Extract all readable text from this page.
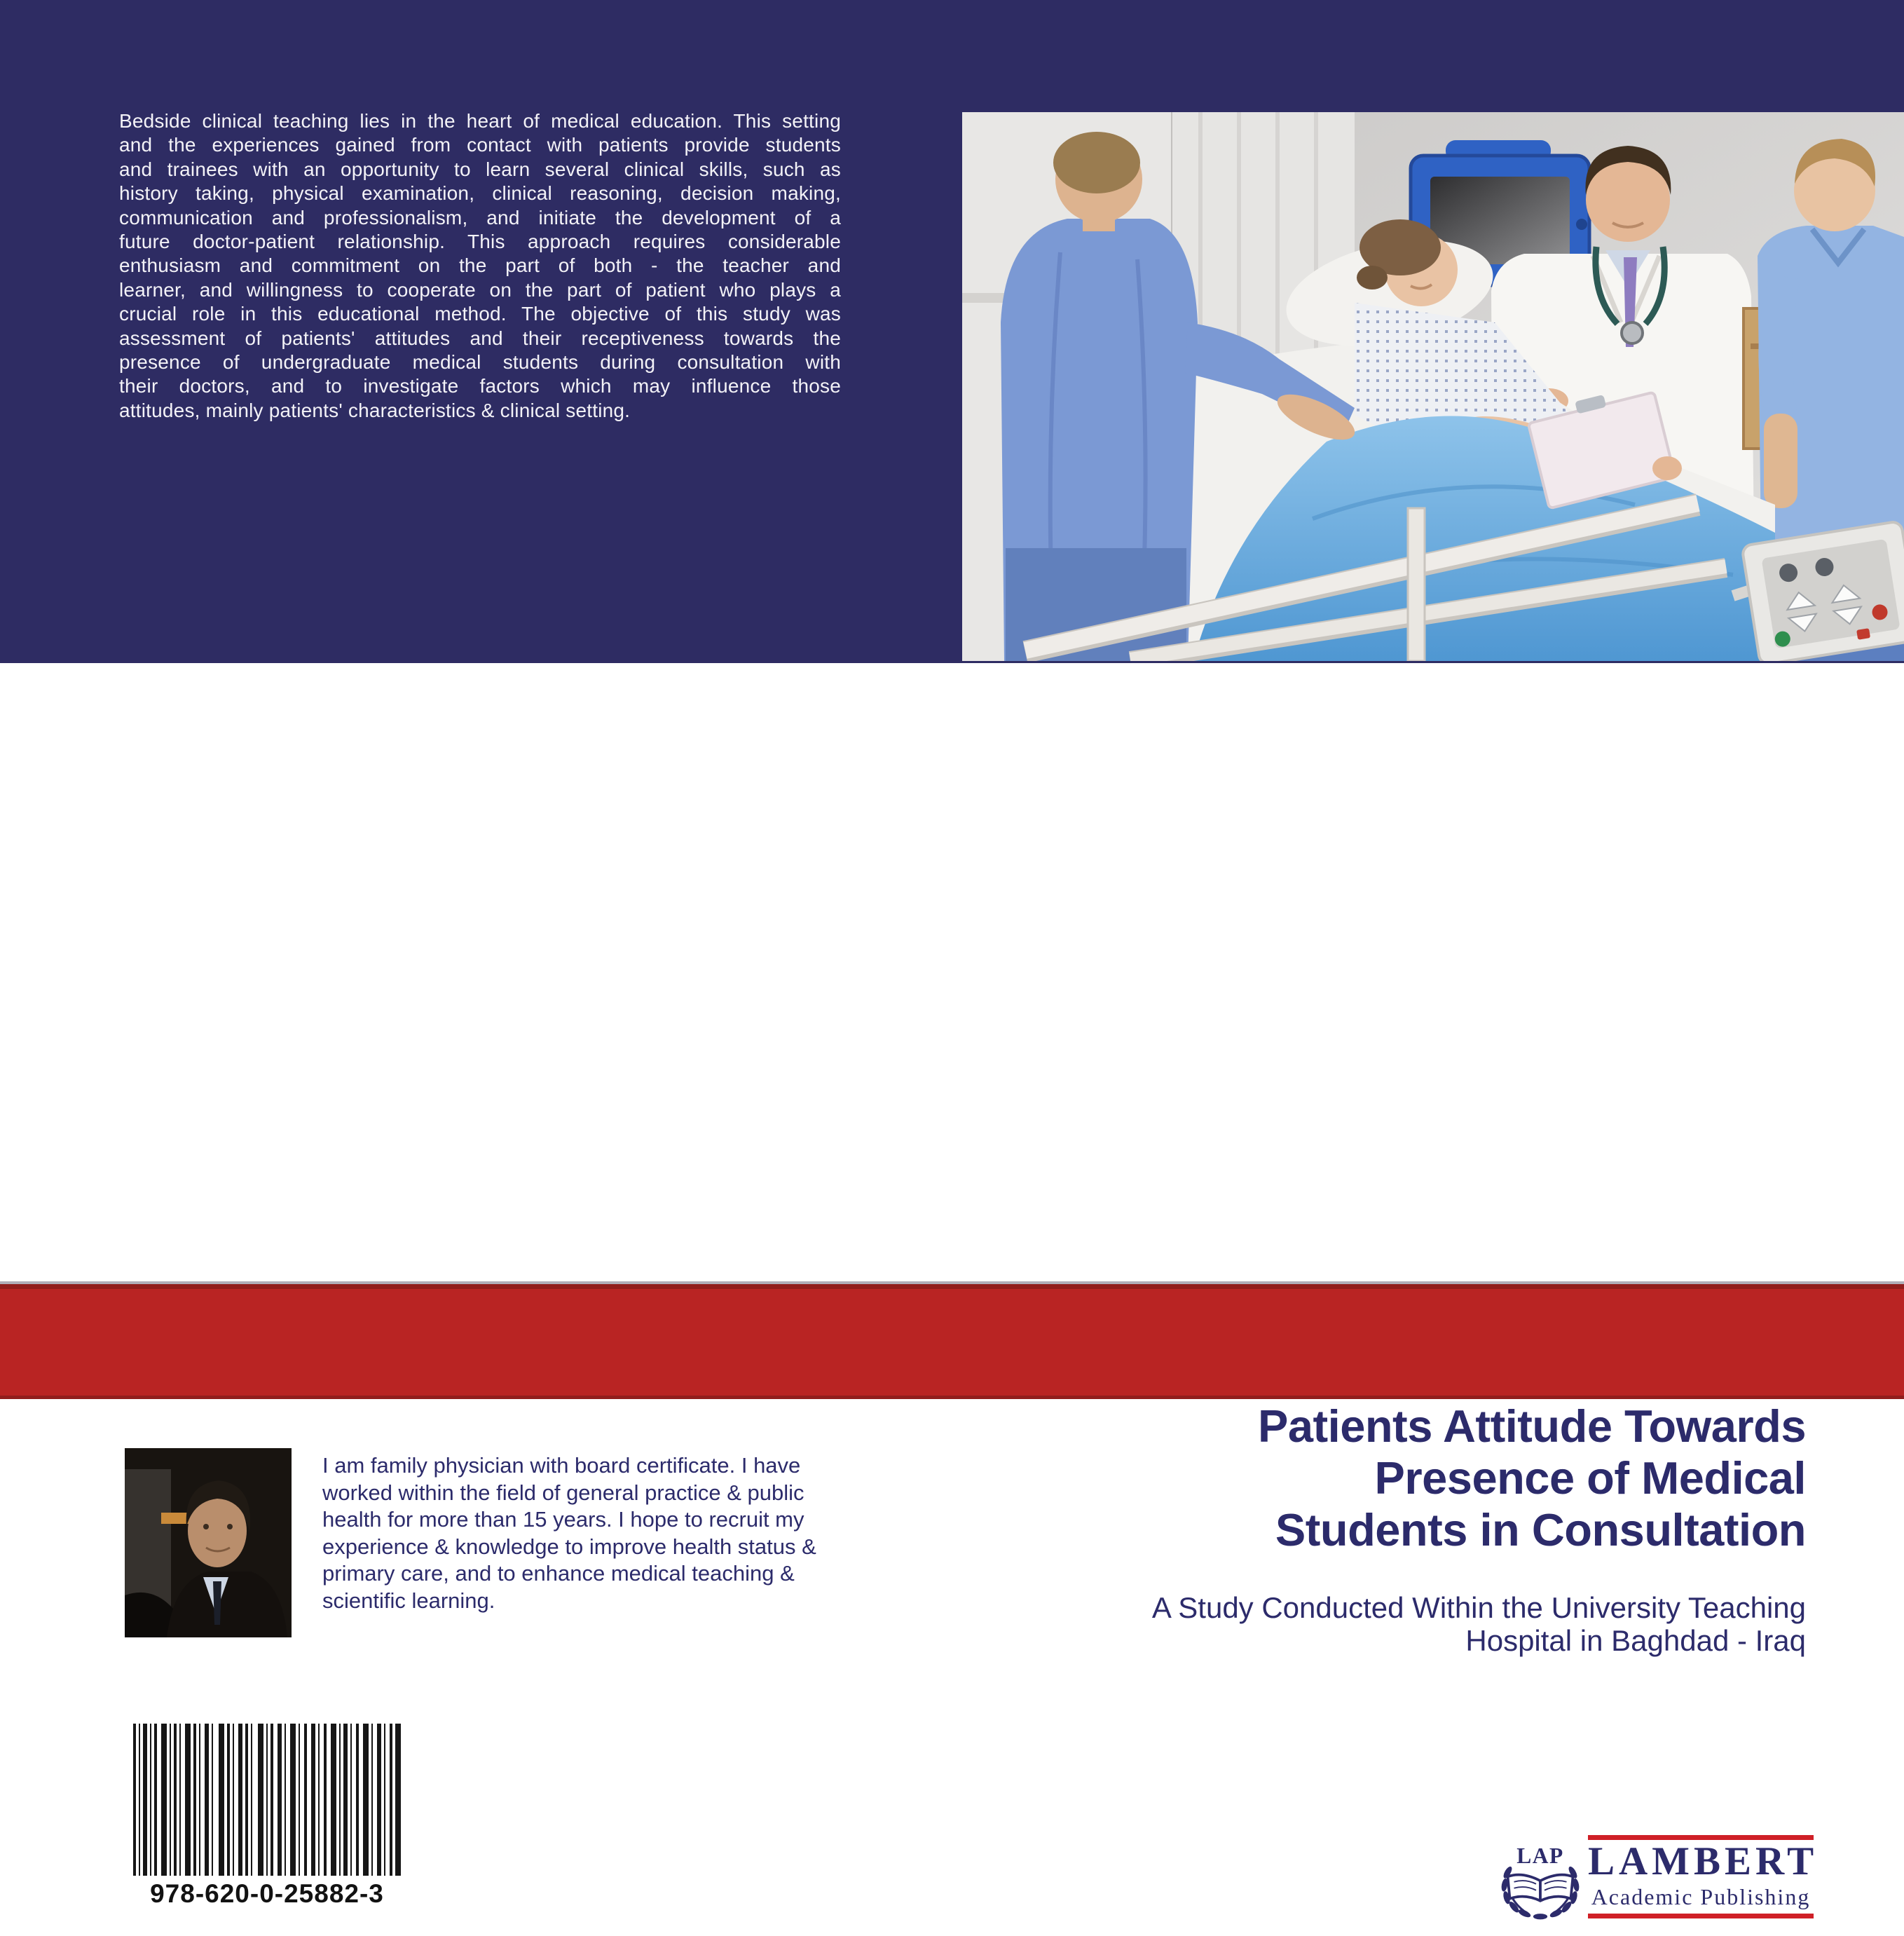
Bedside clinical teaching lies in the heart of medical education. This setting
and the experiences gained from contact with patients provide students
and trainees with an opportunity to learn several clinical skills, such as
history taking, physical examination, clinical reasoning, decision making,
communication and professionalism, and initiate the development of a
future doctor-patient relationship. This approach requires considerable
enthusiasm and commitment on the part of both - the teacher and
learner, and willingness to cooperate on the part of patient who plays a
crucial role in this educational method. The objective of this study was
assessment of patients' attitudes and their receptiveness towards the
presence of undergraduate medical students during consultation with
their doctors, and to investigate factors which may influence those
attitudes, mainly patients' characteristics & clinical setting.
Patients Attitude Towards
Presence of Medical
Students in Consultation
A Study Conducted Within the University Teaching
Hospital in Baghdad - Iraq
I am family physician with board certificate. I have
worked within the field of general practice & public
health for more than 15 years. I hope to recruit my
experience & knowledge to improve health status &
primary care, and to enhance medical teaching &
scientific learning.
978-620-0-25882-3
LAP LAMBERT
Academic Publishing
